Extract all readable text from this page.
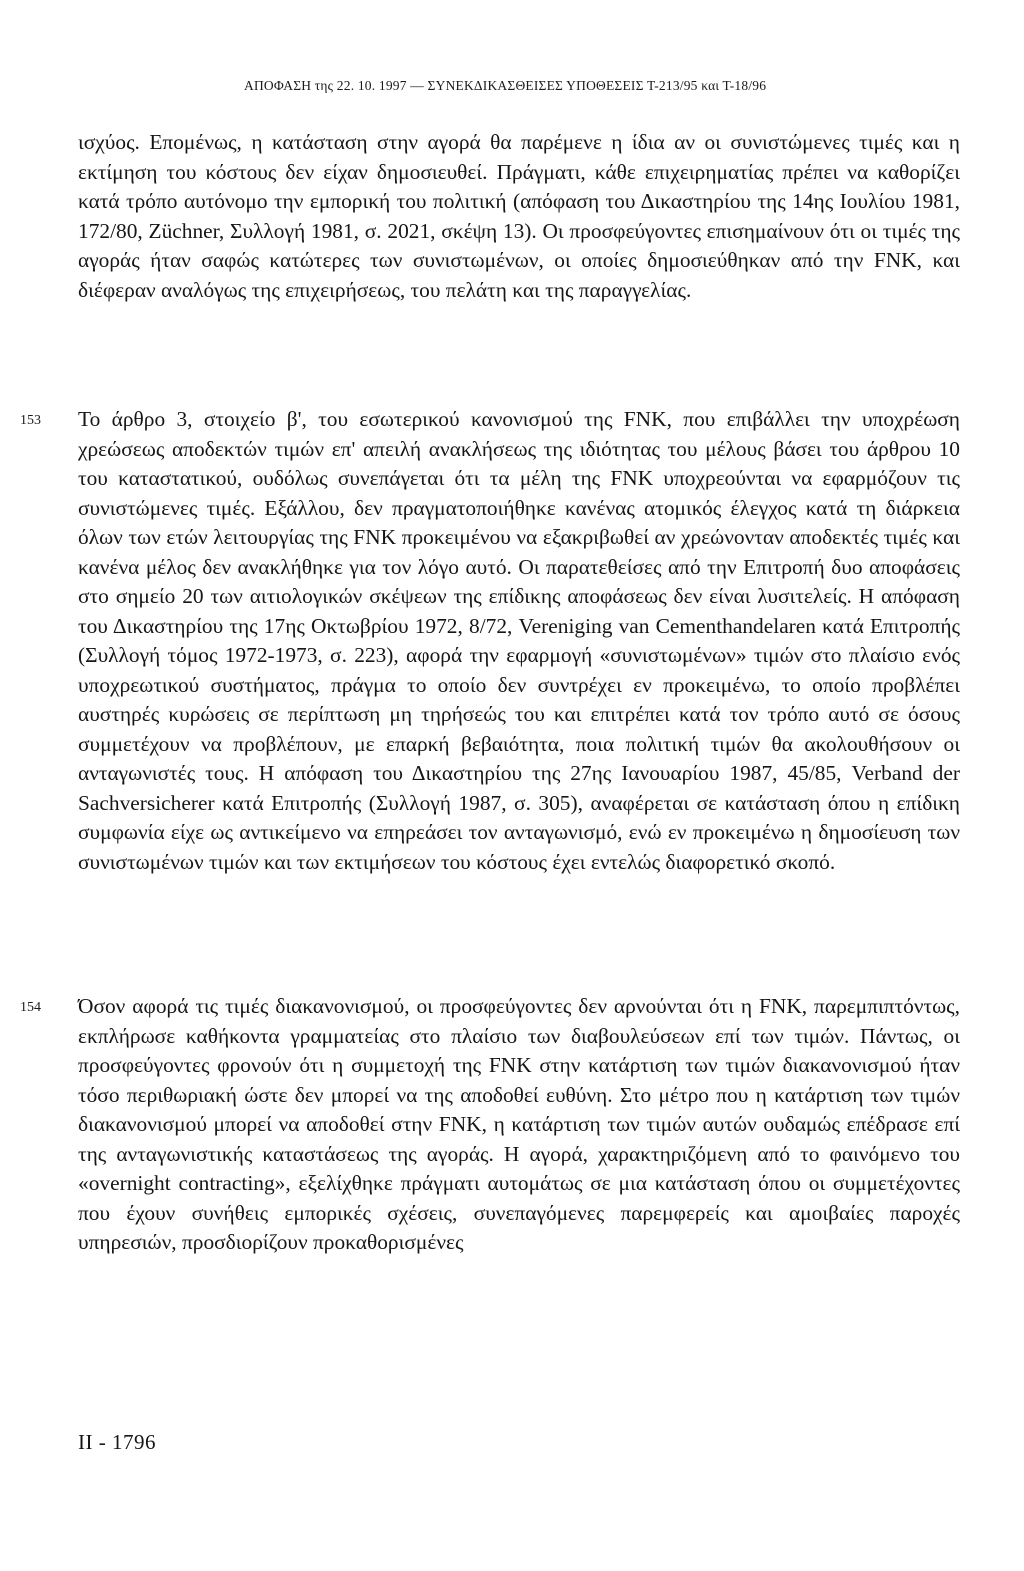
ΑΠΟΦΑΣΗ της 22. 10. 1997 — ΣΥΝΕΚΔΙΚΑΣΘΕΙΣΕΣ ΥΠΟΘΕΣΕΙΣ Τ-213/95 και Τ-18/96
ισχύος. Επομένως, η κατάσταση στην αγορά θα παρέμενε η ίδια αν οι συνιστώμενες τιμές και η εκτίμηση του κόστους δεν είχαν δημοσιευθεί. Πράγματι, κάθε επιχειρηματίας πρέπει να καθορίζει κατά τρόπο αυτόνομο την εμπορική του πολιτική (απόφαση του Δικαστηρίου της 14ης Ιουλίου 1981, 172/80, Züchner, Συλλογή 1981, σ. 2021, σκέψη 13). Οι προσφεύγοντες επισημαίνουν ότι οι τιμές της αγοράς ήταν σαφώς κατώτερες των συνιστωμένων, οι οποίες δημοσιεύθηκαν από την FNK, και διέφεραν αναλόγως της επιχειρήσεως, του πελάτη και της παραγγελίας.
153	Το άρθρο 3, στοιχείο β', του εσωτερικού κανονισμού της FNK, που επιβάλλει την υποχρέωση χρεώσεως αποδεκτών τιμών επ' απειλή ανακλήσεως της ιδιότητας του μέλους βάσει του άρθρου 10 του καταστατικού, ουδόλως συνεπάγεται ότι τα μέλη της FNK υποχρεούνται να εφαρμόζουν τις συνιστώμενες τιμές. Εξάλλου, δεν πραγματοποιήθηκε κανένας ατομικός έλεγχος κατά τη διάρκεια όλων των ετών λειτουργίας της FNK προκειμένου να εξακριβωθεί αν χρεώνονταν αποδεκτές τιμές και κανένα μέλος δεν ανακλήθηκε για τον λόγο αυτό. Οι παρατεθείσες από την Επιτροπή δυο αποφάσεις στο σημείο 20 των αιτιολογικών σκέψεων της επίδικης αποφάσεως δεν είναι λυσιτελείς. Η απόφαση του Δικαστηρίου της 17ης Οκτωβρίου 1972, 8/72, Vereniging van Cementhandelaren κατά Επιτροπής (Συλλογή τόμος 1972-1973, σ. 223), αφορά την εφαρμογή «συνιστωμένων» τιμών στο πλαίσιο ενός υποχρεωτικού συστήματος, πράγμα το οποίο δεν συντρέχει εν προκειμένω, το οποίο προβλέπει αυστηρές κυρώσεις σε περίπτωση μη τηρήσεώς του και επιτρέπει κατά τον τρόπο αυτό σε όσους συμμετέχουν να προβλέπουν, με επαρκή βεβαιότητα, ποια πολιτική τιμών θα ακολουθήσουν οι ανταγωνιστές τους. Η απόφαση του Δικαστηρίου της 27ης Ιανουαρίου 1987, 45/85, Verband der Sachversicherer κατά Επιτροπής (Συλλογή 1987, σ. 305), αναφέρεται σε κατάσταση όπου η επίδικη συμφωνία είχε ως αντικείμενο να επηρεάσει τον ανταγωνισμό, ενώ εν προκειμένω η δημοσίευση των συνιστωμένων τιμών και των εκτιμήσεων του κόστους έχει εντελώς διαφορετικό σκοπό.
154	Όσον αφορά τις τιμές διακανονισμού, οι προσφεύγοντες δεν αρνούνται ότι η FNK, παρεμπιπτόντως, εκπλήρωσε καθήκοντα γραμματείας στο πλαίσιο των διαβουλεύσεων επί των τιμών. Πάντως, οι προσφεύγοντες φρονούν ότι η συμμετοχή της FNK στην κατάρτιση των τιμών διακανονισμού ήταν τόσο περιθωριακή ώστε δεν μπορεί να της αποδοθεί ευθύνη. Στο μέτρο που η κατάρτιση των τιμών διακανονισμού μπορεί να αποδοθεί στην FNK, η κατάρτιση των τιμών αυτών ουδαμώς επέδρασε επί της ανταγωνιστικής καταστάσεως της αγοράς. Η αγορά, χαρακτηριζόμενη από το φαινόμενο του «overnight contracting», εξελίχθηκε πράγματι αυτομάτως σε μια κατάσταση όπου οι συμμετέχοντες που έχουν συνήθεις εμπορικές σχέσεις, συνεπαγόμενες παρεμφερείς και αμοιβαίες παροχές υπηρεσιών, προσδιορίζουν προκαθορισμένες
II - 1796
